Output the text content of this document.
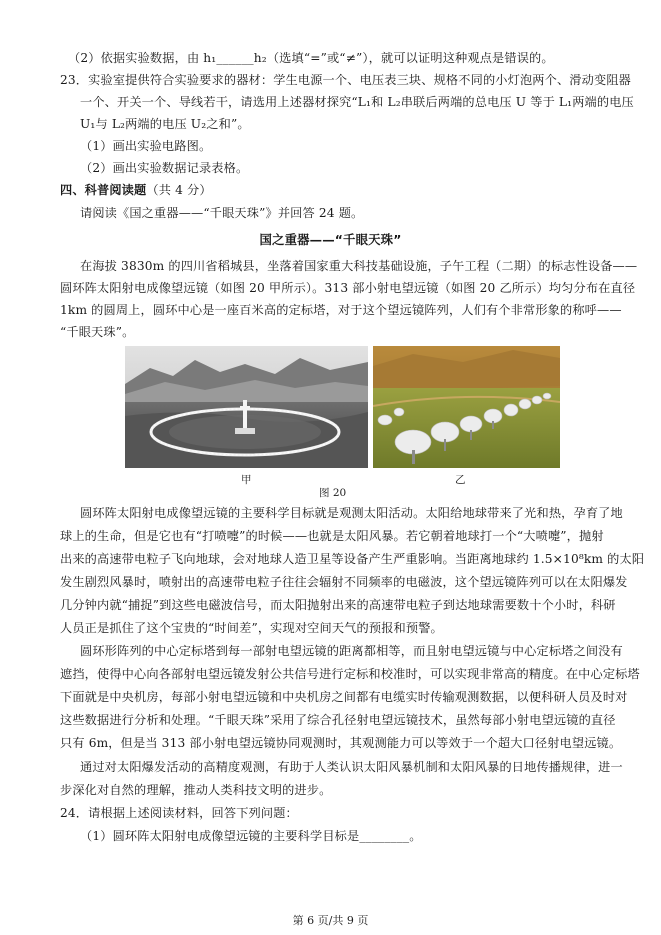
（2）依据实验数据，由 h₁______h₂（选填“=”或“≠”），就可以证明这种观点是错误的。
23．实验室提供符合实验要求的器材：学生电源一个、电压表三块、规格不同的小灯泡两个、滑动变阻器
一个、开关一个、导线若干，请选用上述器材探究“L₁和 L₂串联后两端的总电压 U 等于 L₁两端的电压
U₁与 L₂两端的电压 U₂之和”。
（1）画出实验电路图。
（2）画出实验数据记录表格。
四、科普阅读题（共 4 分）
请阅读《国之重器——“千眼天珠”》并回答 24 题。
国之重器——“千眼天珠”
在海拔 3830m 的四川省稻城县，坐落着国家重大科技基础设施，子午工程（二期）的标志性设备——
圆环阵太阳射电成像望远镜（如图 20 甲所示）。313 部小射电望远镜（如图 20 乙所示）均匀分布在直径
1km 的圆周上，圆环中心是一座百米高的定标塔，对于这个望远镜阵列，人们有个非常形象的称呼——
“千眼天珠”。
甲	乙
图 20
圆环阵太阳射电成像望远镜的主要科学目标就是观测太阳活动。太阳给地球带来了光和热，孕育了地
球上的生命，但是它也有“打喷嚏”的时候——也就是太阳风暴。若它朝着地球打一个“大喷嚏”，抛射
出来的高速带电粒子飞向地球，会对地球人造卫星等设备产生严重影响。当距离地球约 1.5×10⁸km 的太阳
发生剧烈风暴时，喷射出的高速带电粒子往往会辐射不同频率的电磁波，这个望远镜阵列可以在太阳爆发
几分钟内就“捕捉”到这些电磁波信号，而太阳抛射出来的高速带电粒子到达地球需要数十个小时，科研
人员正是抓住了这个宝贵的“时间差”，实现对空间天气的预报和预警。
圆环形阵列的中心定标塔到每一部射电望远镜的距离都相等，而且射电望远镜与中心定标塔之间没有
遮挡，使得中心向各部射电望远镜发射公共信号进行定标和校准时，可以实现非常高的精度。在中心定标塔
下面就是中央机房，每部小射电望远镜和中央机房之间都有电缆实时传输观测数据，以便科研人员及时对
这些数据进行分析和处理。“千眼天珠”采用了综合孔径射电望远镜技术，虽然每部小射电望远镜的直径
只有 6m，但是当 313 部小射电望远镜协同观测时，其观测能力可以等效于一个超大口径射电望远镜。
通过对太阳爆发活动的高精度观测，有助于人类认识太阳风暴机制和太阳风暴的日地传播规律，进一
步深化对自然的理解，推动人类科技文明的进步。
24．请根据上述阅读材料，回答下列问题：
（1）圆环阵太阳射电成像望远镜的主要科学目标是________。
第 6 页/共 9 页
